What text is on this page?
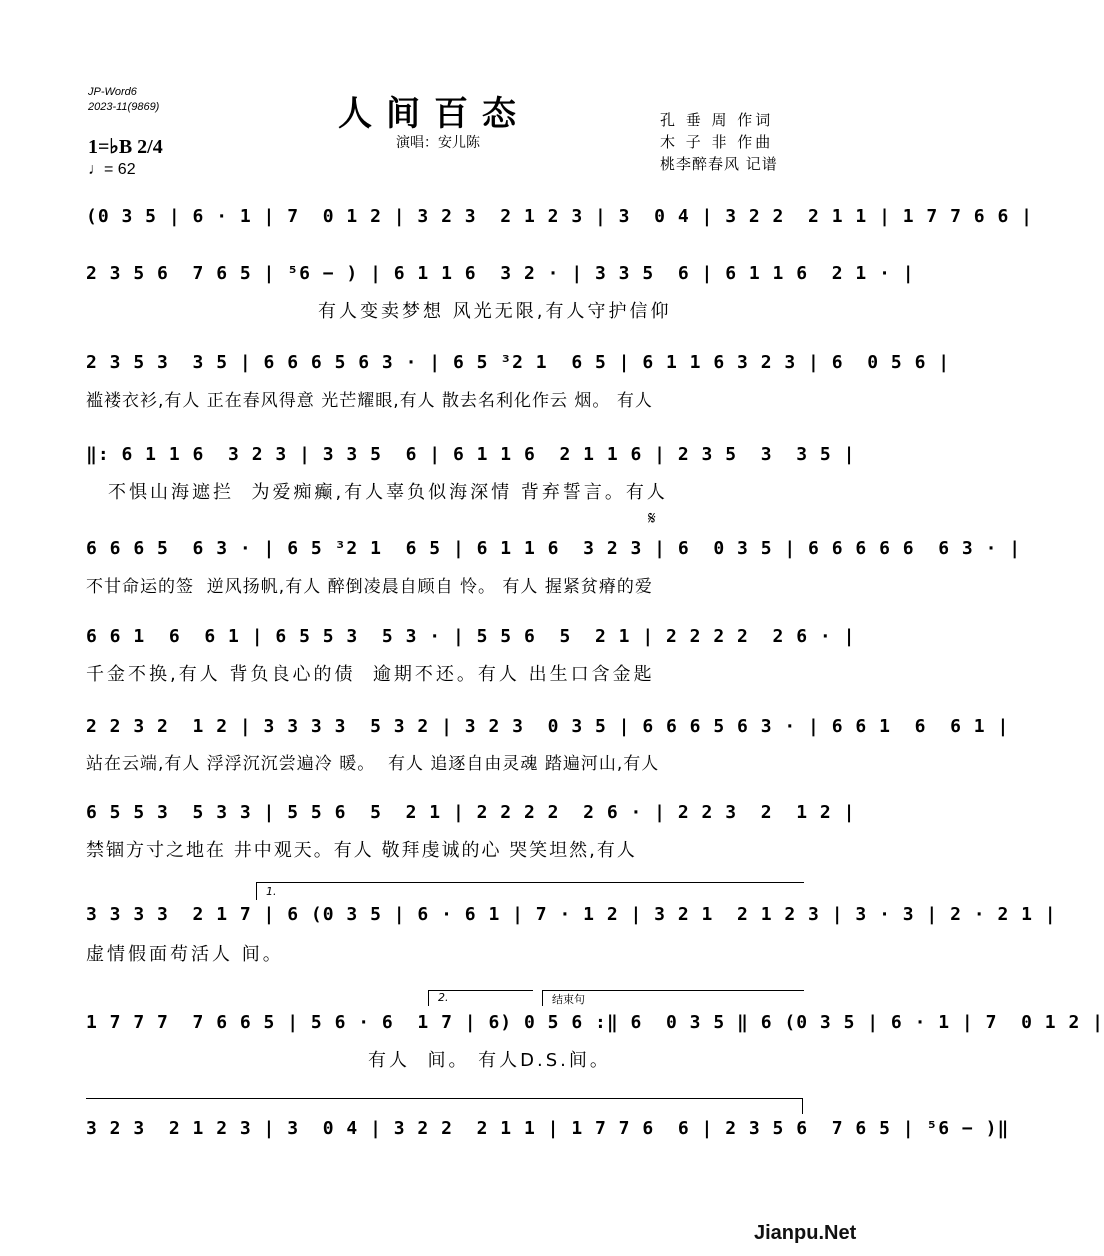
JP-Word6
2023-11(9869)	人间百态
演唱：安儿陈
孔 垂 周 作词
木 子 非 作曲
桃李醉春风 记谱
1=♭B 2/4
♩= 62
(0 3 5 | 6 · 1 | 7  0 1 2 | 3 2 3  2 1 2 3 | 3  0 4 | 3 2 2  2 1 1 | 1 7 7 6 6 |
2 3 5 6  7 6 5 | ⁵6 − ) | 6 1 1 6  3 2 · | 3 3 5  6 | 6 1 1 6  2 1 · |
有人变卖梦想 风光无限,有人守护信仰
2 3 5 3  3 5 | 6 6 6 5 6 3 · | 6 5 ³2 1  6 5 | 6 1 1 6 3 2 3 | 6  0 5 6 |
褴褛衣衫,有人 正在春风得意 光芒耀眼,有人 散去名利化作云 烟。 有人
‖: 6 1 1 6  3 2 3 | 3 3 5  6 | 6 1 1 6  2 1 1 6 | 2 3 5  3  3 5 |
不惧山海遮拦  为爱痴癫,有人辜负似海深情 背弃誓言。有人
𝄋
6 6 6 5  6 3 · | 6 5 ³2 1  6 5 | 6 1 1 6  3 2 3 | 6  0 3 5 | 6 6 6 6 6  6 3 · |
不甘命运的签  逆风扬帆,有人 醉倒凌晨自顾自 怜。 有人 握紧贫瘠的爱
6 6 1  6  6 1 | 6 5 5 3  5 3 · | 5 5 6  5  2 1 | 2 2 2 2  2 6 · |
千金不换,有人 背负良心的债  逾期不还。有人 出生口含金匙
2 2 3 2  1 2 | 3 3 3 3  5 3 2 | 3 2 3  0 3 5 | 6 6 6 5 6 3 · | 6 6 1  6  6 1 |
站在云端,有人 浮浮沉沉尝遍冷 暖。  有人 追逐自由灵魂 踏遍河山,有人
6 5 5 3  5 3 3 | 5 5 6  5  2 1 | 2 2 2 2  2 6 · | 2 2 3  2  1 2 |
禁锢方寸之地在 井中观天。有人 敬拜虔诚的心 哭笑坦然,有人
1.
3 3 3 3  2 1 7 | 6 (0 3 5 | 6 · 6 1 | 7 · 1 2 | 3 2 1  2 1 2 3 | 3 · 3 | 2 · 2 1 |
虚情假面苟活人 间。
2.	结束句
1 7 7 7  7 6 6 5 | 5 6 · 6  1 7 | 6) 0 5 6 :‖ 6  0 3 5 ‖ 6 (0 3 5 | 6 · 1 | 7  0 1 2 |
有人  间。 有人D.S.间。
3 2 3  2 1 2 3 | 3  0 4 | 3 2 2  2 1 1 | 1 7 7 6  6 | 2 3 5 6  7 6 5 | ⁵6 − )‖
Jianpu.Net
